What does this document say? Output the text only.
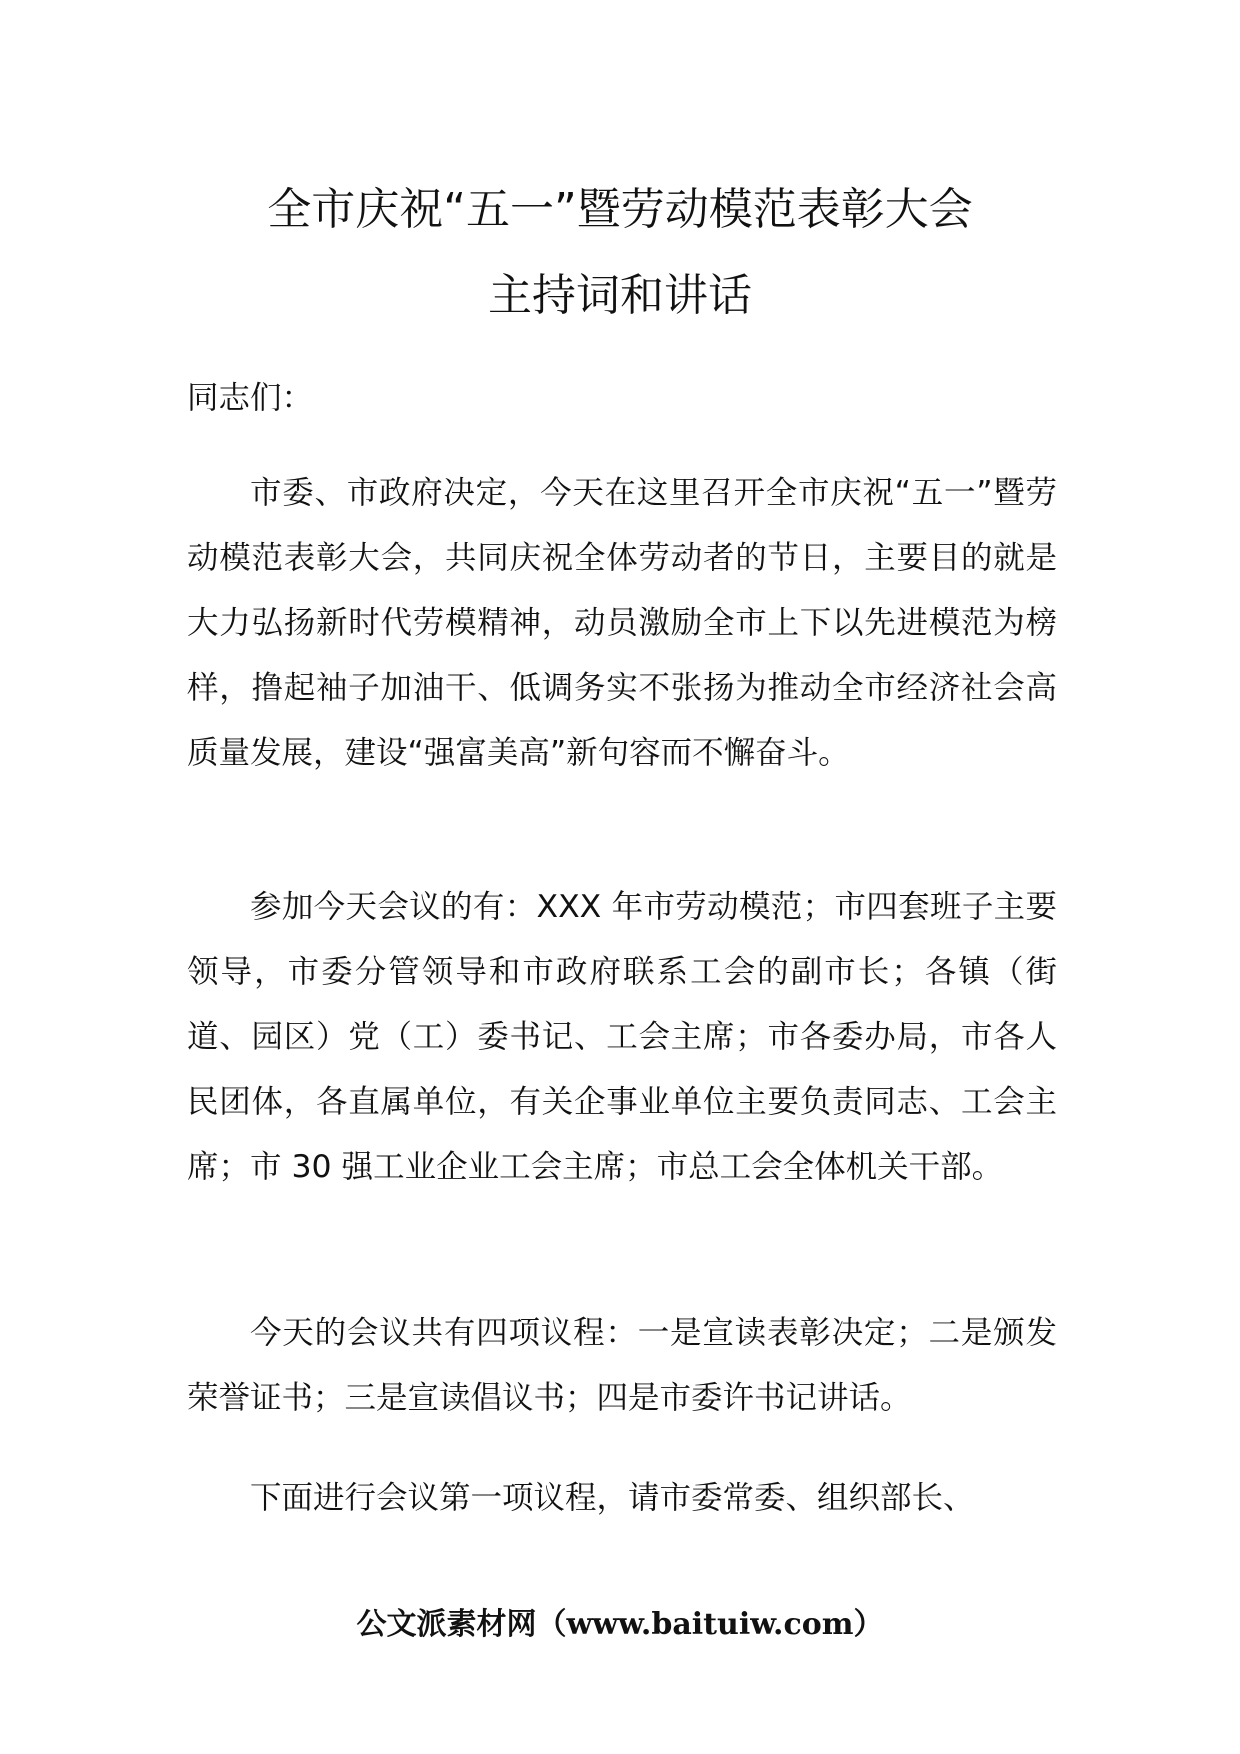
全市庆祝“五一”暨劳动模范表彰大会
主持词和讲话

同志们：

市委、市政府决定，今天在这里召开全市庆祝“五一”暨劳动模范表彰大会，共同庆祝全体劳动者的节日，主要目的就是大力弘扬新时代劳模精神，动员激励全市上下以先进模范为榜样，撸起袖子加油干、低调务实不张扬为推动全市经济社会高质量发展，建设“强富美高”新句容而不懈奋斗。

参加今天会议的有：XXX 年市劳动模范；市四套班子主要领导，市委分管领导和市政府联系工会的副市长；各镇（街道、园区）党（工）委书记、工会主席；市各委办局，市各人民团体，各直属单位，有关企事业单位主要负责同志、工会主席；市 30 强工业企业工会主席；市总工会全体机关干部。

今天的会议共有四项议程：一是宣读表彰决定；二是颁发荣誉证书；三是宣读倡议书；四是市委许书记讲话。

下面进行会议第一项议程，请市委常委、组织部长、

公文派素材网（www.baituiw.com）
